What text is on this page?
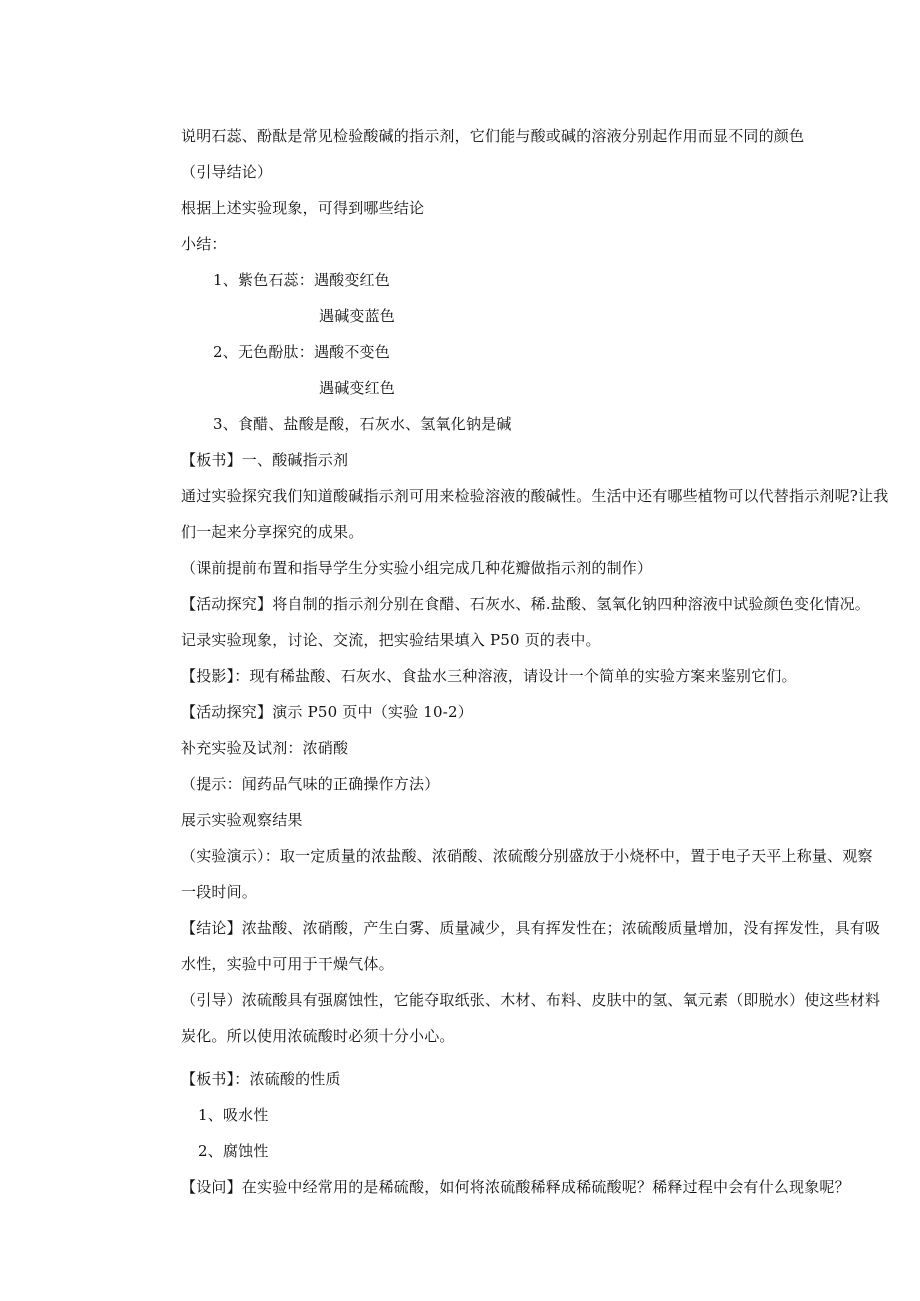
说明石蕊、酚酞是常见检验酸碱的指示剂，它们能与酸或碱的溶液分别起作用而显不同的颜色
（引导结论）
根据上述实验现象，可得到哪些结论
小结：
1、紫色石蕊：遇酸变红色
遇碱变蓝色
2、无色酚肽：遇酸不变色
遇碱变红色
3、食醋、盐酸是酸，石灰水、氢氧化钠是碱
【板书】一、酸碱指示剂
通过实验探究我们知道酸碱指示剂可用来检验溶液的酸碱性。生活中还有哪些植物可以代替指示剂呢?让我
们一起来分享探究的成果。
（课前提前布置和指导学生分实验小组完成几种花瓣做指示剂的制作）
【活动探究】将自制的指示剂分别在食醋、石灰水、稀.盐酸、氢氧化钠四种溶液中试验颜色变化情况。
记录实验现象，讨论、交流，把实验结果填入 P50 页的表中。
【投影】：现有稀盐酸、石灰水、食盐水三种溶液，请设计一个简单的实验方案来鉴别它们。
【活动探究】演示 P50 页中（实验 10-2）
补充实验及试剂：浓硝酸
（提示：闻药品气味的正确操作方法）
展示实验观察结果
（实验演示）：取一定质量的浓盐酸、浓硝酸、浓硫酸分别盛放于小烧杯中，置于电子天平上称量、观察
一段时间。
【结论】浓盐酸、浓硝酸，产生白雾、质量减少，具有挥发性在；浓硫酸质量增加，没有挥发性，具有吸
水性，实验中可用于干燥气体。
（引导）浓硫酸具有强腐蚀性，它能夺取纸张、木材、布料、皮肤中的氢、氧元素（即脱水）使这些材料
炭化。所以使用浓硫酸时必须十分小心。
【板书】：浓硫酸的性质
1、吸水性
2、腐蚀性
【设问】在实验中经常用的是稀硫酸，如何将浓硫酸稀释成稀硫酸呢？稀释过程中会有什么现象呢？
